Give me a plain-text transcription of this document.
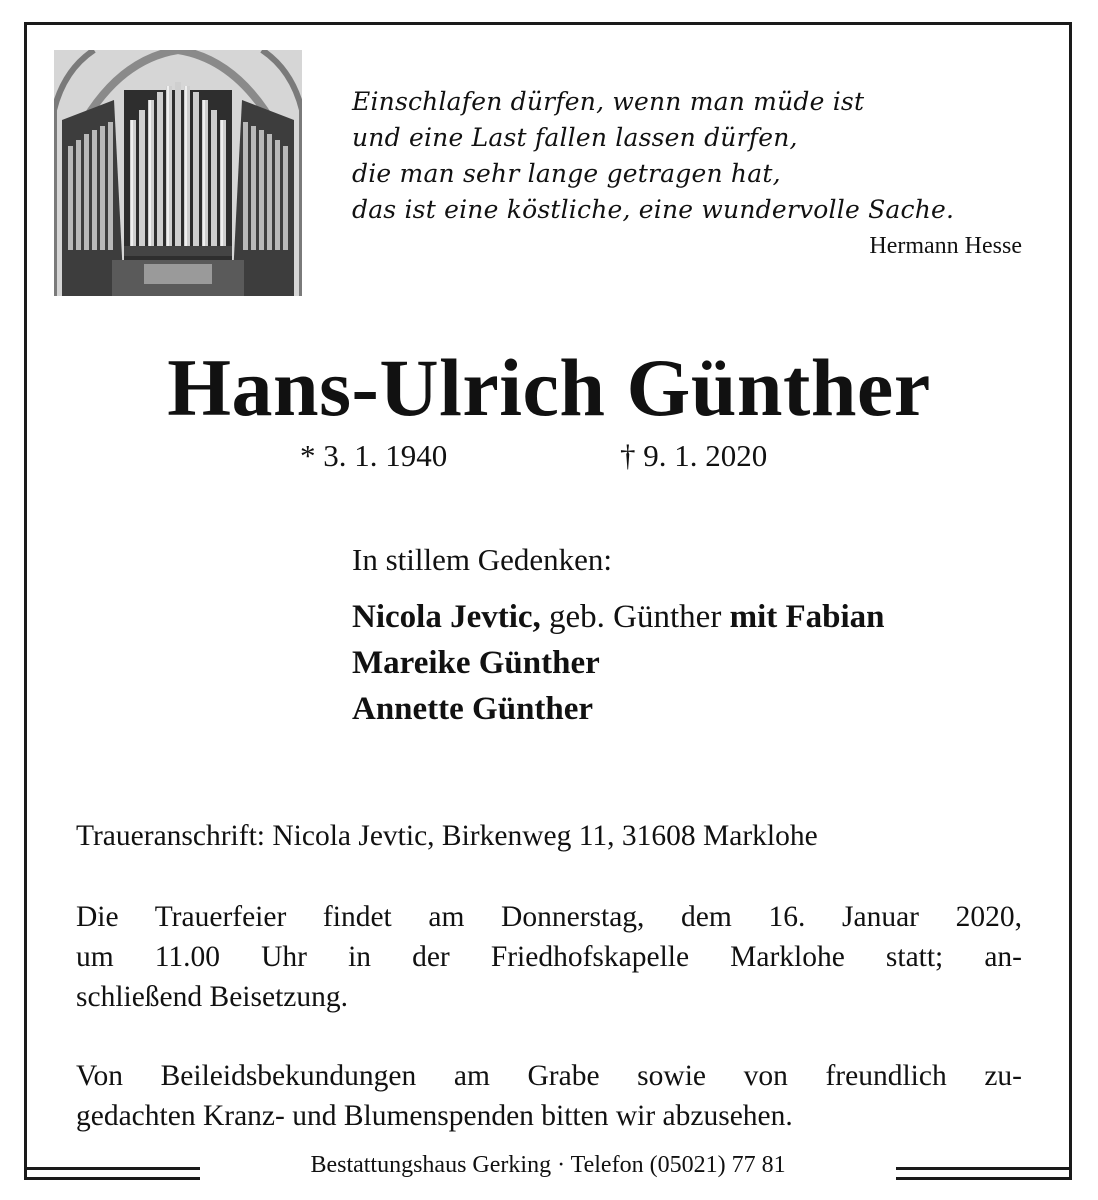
Einschlafen dürfen, wenn man müde ist
und eine Last fallen lassen dürfen,
die man sehr lange getragen hat,
das ist eine köstliche, eine wundervolle Sache.
Hermann Hesse
Hans-Ulrich Günther
* 3. 1. 1940	† 9. 1. 2020
In stillem Gedenken:
Nicola Jevtic, geb. Günther mit Fabian
Mareike Günther
Annette Günther
Traueranschrift: Nicola Jevtic, Birkenweg 11, 31608 Marklohe
Die Trauerfeier findet am Donnerstag, dem 16. Januar 2020,
um 11.00 Uhr in der Friedhofskapelle Marklohe statt; an-
schließend Beisetzung.
Von Beileidsbekundungen am Grabe sowie von freundlich zu-
gedachten Kranz- und Blumenspenden bitten wir abzusehen.
Bestattungshaus Gerking · Telefon (05021) 77 81
